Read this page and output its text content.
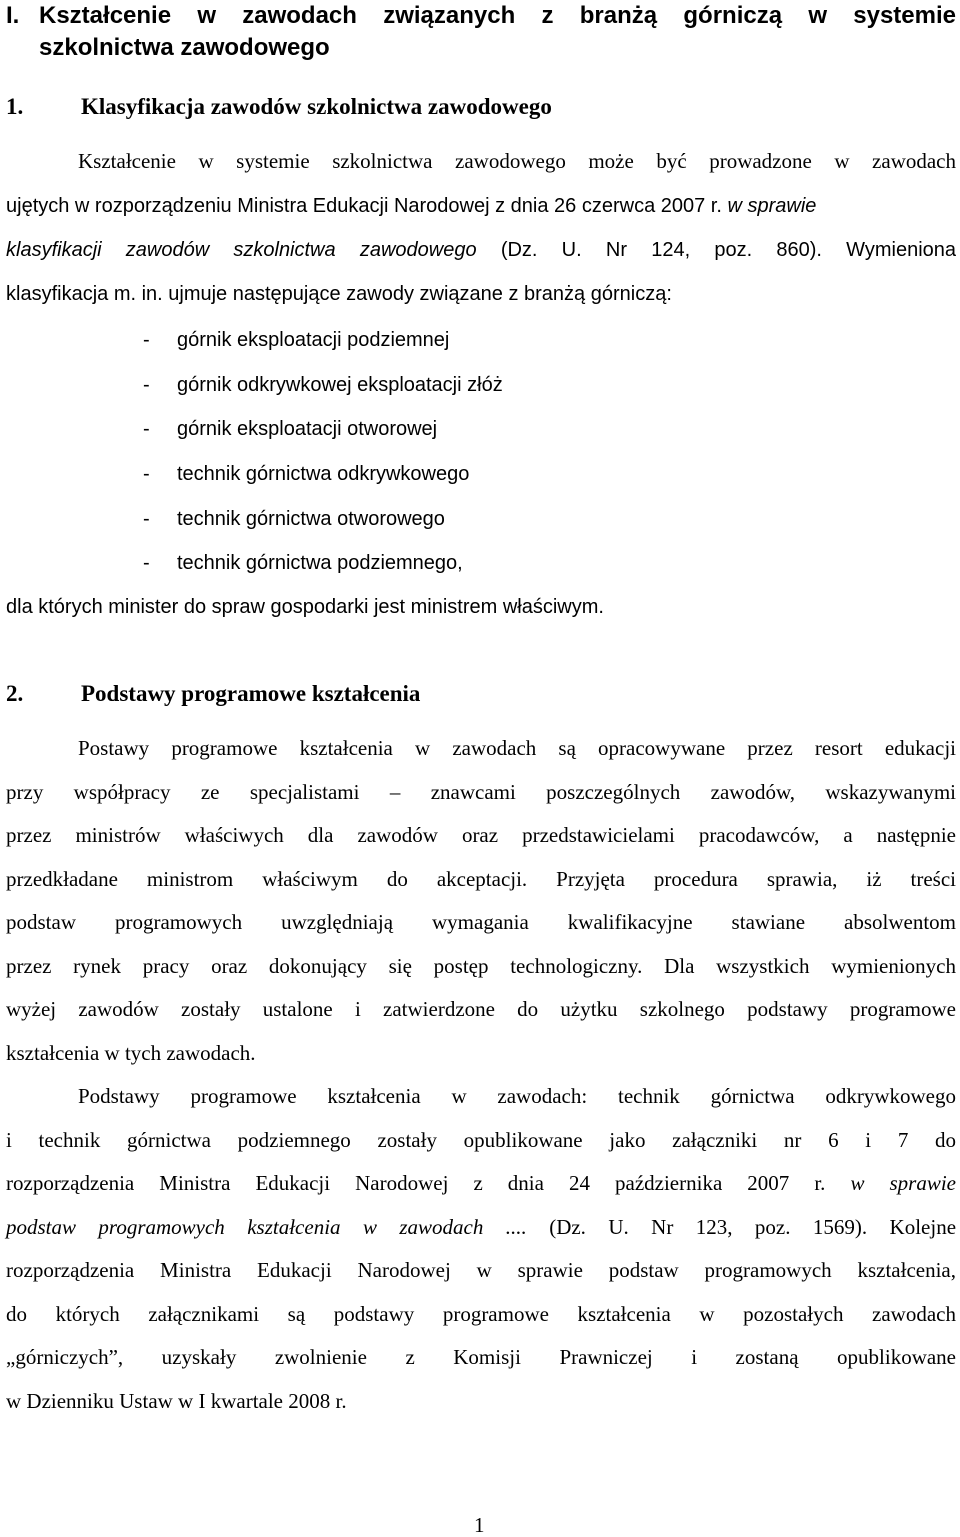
I. Kształcenie w zawodach związanych z branżą górniczą w systemie
szkolnictwa zawodowego
1.	Klasyfikacja zawodów szkolnictwa zawodowego
Kształcenie w systemie szkolnictwa zawodowego może być prowadzone w zawodach
ujętych w rozporządzeniu Ministra Edukacji Narodowej z dnia 26 czerwca 2007 r. w sprawie
klasyfikacji zawodów szkolnictwa zawodowego (Dz. U. Nr 124, poz. 860). Wymieniona
klasyfikacja m. in. ujmuje następujące zawody związane z branżą górniczą:
- górnik eksploatacji podziemnej
- górnik odkrywkowej eksploatacji złóż
- górnik eksploatacji otworowej
- technik górnictwa odkrywkowego
- technik górnictwa otworowego
- technik górnictwa podziemnego,
dla których minister do spraw gospodarki jest ministrem właściwym.
2.	Podstawy programowe kształcenia
Postawy programowe kształcenia w zawodach są opracowywane przez resort edukacji
przy współpracy ze specjalistami – znawcami poszczególnych zawodów, wskazywanymi
przez ministrów właściwych dla zawodów oraz przedstawicielami pracodawców, a następnie
przedkładane ministrom właściwym do akceptacji. Przyjęta procedura sprawia, iż treści
podstaw programowych uwzględniają wymagania kwalifikacyjne stawiane absolwentom
przez rynek pracy oraz dokonujący się postęp technologiczny. Dla wszystkich wymienionych
wyżej zawodów zostały ustalone i zatwierdzone do użytku szkolnego podstawy programowe
kształcenia w tych zawodach.
Podstawy programowe kształcenia w zawodach: technik górnictwa odkrywkowego
i technik górnictwa podziemnego zostały opublikowane jako załączniki nr 6 i 7 do
rozporządzenia Ministra Edukacji Narodowej z dnia 24 października 2007 r. w sprawie
podstaw programowych kształcenia w zawodach .... (Dz. U. Nr 123, poz. 1569). Kolejne
rozporządzenia Ministra Edukacji Narodowej w sprawie podstaw programowych kształcenia,
do których załącznikami są podstawy programowe kształcenia w pozostałych zawodach
„górniczych”, uzyskały zwolnienie z Komisji Prawniczej i zostaną opublikowane
w Dzienniku Ustaw w I kwartale 2008 r.
1
